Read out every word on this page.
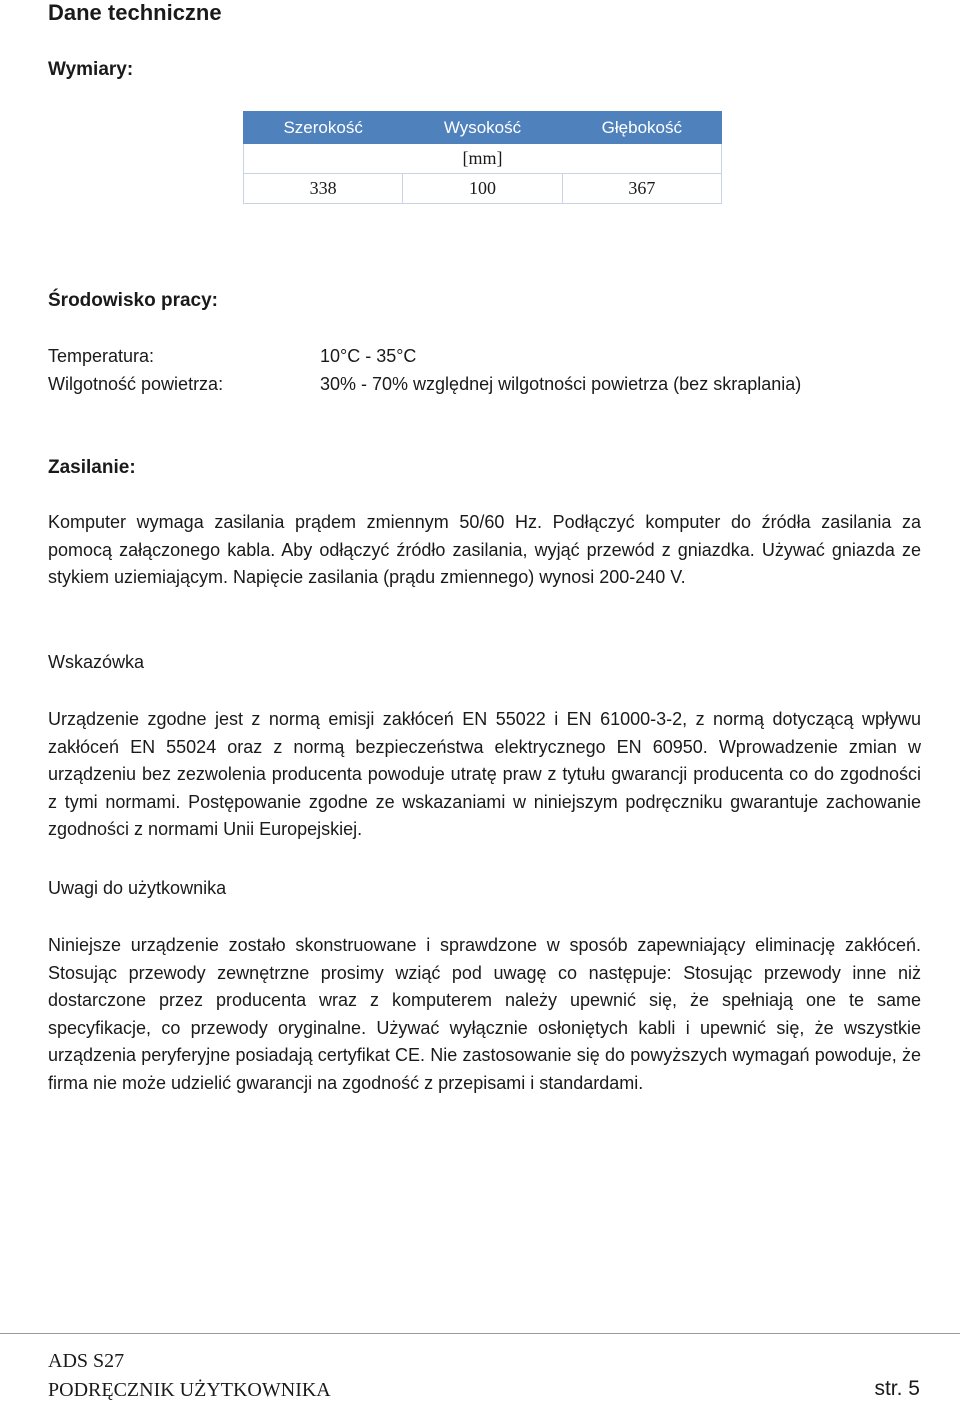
Dane techniczne
Wymiary:
Szerokość	Wysokość	Głębokość
[mm]		
338	100	367
Środowisko pracy:
Temperatura:	10°C - 35°C
Wilgotność powietrza:	30% - 70% względnej wilgotności powietrza (bez skraplania)
Zasilanie:

Komputer wymaga zasilania prądem zmiennym 50/60 Hz. Podłączyć komputer do źródła zasilania za pomocą załączonego kabla. Aby odłączyć źródło zasilania, wyjąć przewód z gniazdka. Używać gniazda ze stykiem uziemiającym. Napięcie zasilania (prądu zmiennego) wynosi 200-240 V.

Wskazówka

Urządzenie zgodne jest z normą emisji zakłóceń EN 55022 i EN 61000-3-2, z normą dotyczącą wpływu zakłóceń EN 55024 oraz z normą bezpieczeństwa elektrycznego EN 60950. Wprowadzenie zmian w urządzeniu bez zezwolenia producenta powoduje utratę praw z tytułu gwarancji producenta co do zgodności z tymi normami. Postępowanie zgodne ze wskazaniami w niniejszym podręczniku gwarantuje zachowanie zgodności z normami Unii Europejskiej.

Uwagi do użytkownika

Niniejsze urządzenie zostało skonstruowane i sprawdzone w sposób zapewniający eliminację zakłóceń. Stosując przewody zewnętrzne prosimy wziąć pod uwagę co następuje: Stosując przewody inne niż dostarczone przez producenta wraz z komputerem należy upewnić się, że spełniają one te same specyfikacje, co przewody oryginalne. Używać wyłącznie osłoniętych kabli i upewnić się, że wszystkie urządzenia peryferyjne posiadają certyfikat CE. Nie zastosowanie się do powyższych wymagań powoduje, że firma nie może udzielić gwarancji na zgodność z przepisami i standardami.

ADS S27
PODRĘCZNIK UŻYTKOWNIKA	str. 5
